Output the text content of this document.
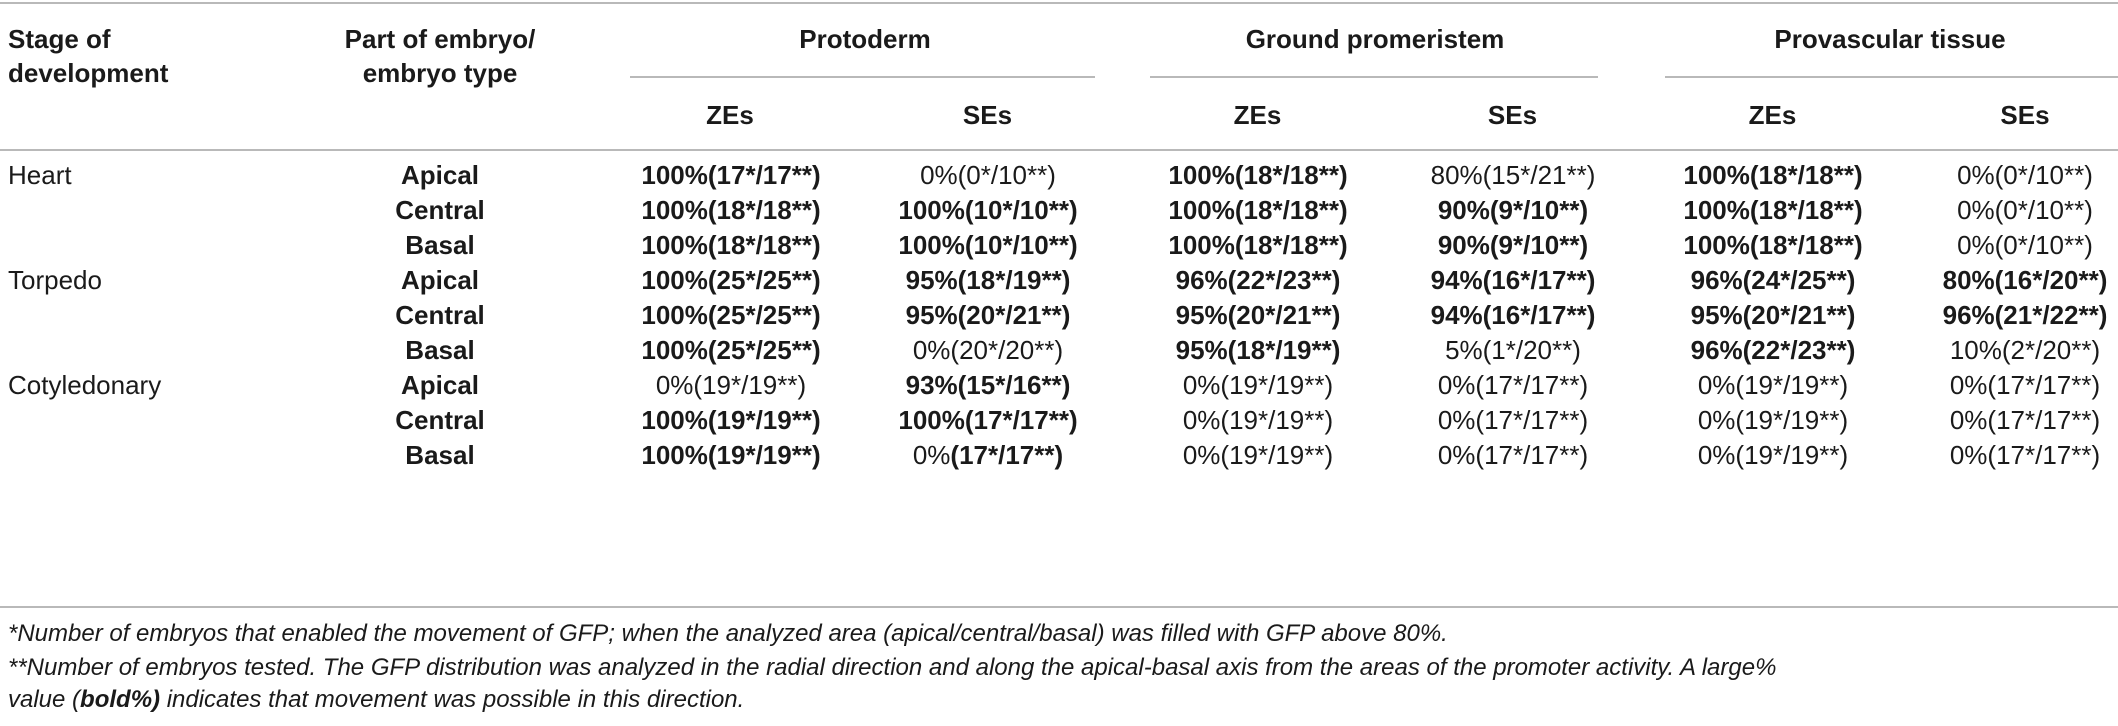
Stage of
development
Part of embryo/
embryo type
Protoderm	Ground promeristem	Provascular tissue
ZEs	SEs	ZEs	SEs	ZEs	SEs
Heart	Apical	100%(17*/17**)	0%(0*/10**)	100%(18*/18**)	80%(15*/21**)	100%(18*/18**)	0%(0*/10**)
Central	100%(18*/18**)	100%(10*/10**)	100%(18*/18**)	90%(9*/10**)	100%(18*/18**)	0%(0*/10**)
Basal	100%(18*/18**)	100%(10*/10**)	100%(18*/18**)	90%(9*/10**)	100%(18*/18**)	0%(0*/10**)
Torpedo	Apical	100%(25*/25**)	95%(18*/19**)	96%(22*/23**)	94%(16*/17**)	96%(24*/25**)	80%(16*/20**)
Central	100%(25*/25**)	95%(20*/21**)	95%(20*/21**)	94%(16*/17**)	95%(20*/21**)	96%(21*/22**)
Basal	100%(25*/25**)	0%(20*/20**)	95%(18*/19**)	5%(1*/20**)	96%(22*/23**)	10%(2*/20**)
Cotyledonary	Apical	0%(19*/19**)	93%(15*/16**)	0%(19*/19**)	0%(17*/17**)	0%(19*/19**)	0%(17*/17**)
Central	100%(19*/19**)	100%(17*/17**)	0%(19*/19**)	0%(17*/17**)	0%(19*/19**)	0%(17*/17**)
Basal	100%(19*/19**)	0%(17*/17**)	0%(19*/19**)	0%(17*/17**)	0%(19*/19**)	0%(17*/17**)
*Number of embryos that enabled the movement of GFP; when the analyzed area (apical/central/basal) was filled with GFP above 80%.
**Number of embryos tested. The GFP distribution was analyzed in the radial direction and along the apical-basal axis from the areas of the promoter activity. A large%
value (bold%) indicates that movement was possible in this direction.
